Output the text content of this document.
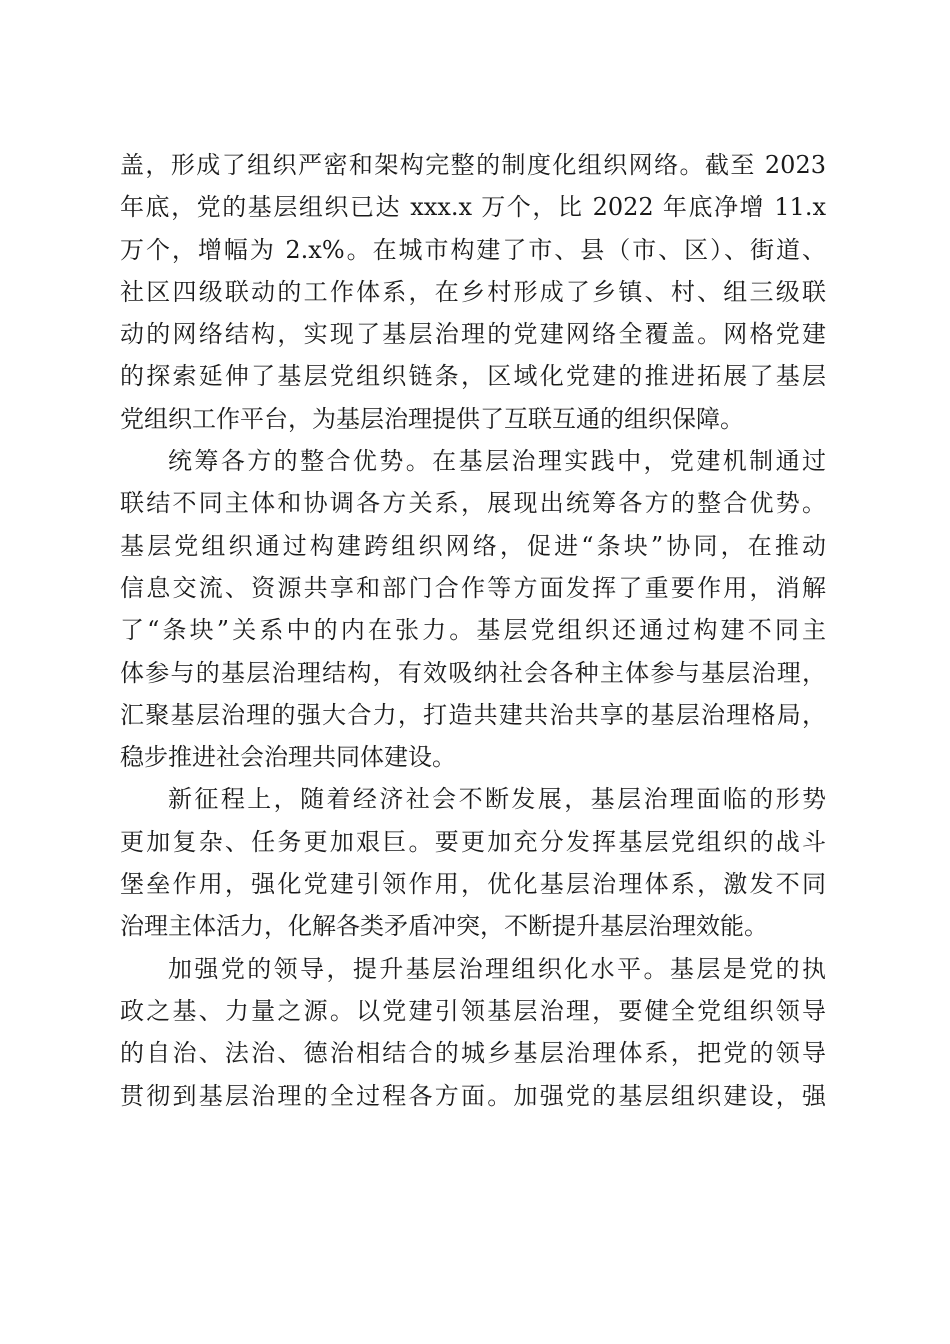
盖，形成了组织严密和架构完整的制度化组织网络。截至 2023
年底，党的基层组织已达 xxx.x 万个，比 2022 年底净增 11.x
万个，增幅为 2.x%。在城市构建了市、县（市、区）、街道、
社区四级联动的工作体系，在乡村形成了乡镇、村、组三级联
动的网络结构，实现了基层治理的党建网络全覆盖。网格党建
的探索延伸了基层党组织链条，区域化党建的推进拓展了基层
党组织工作平台，为基层治理提供了互联互通的组织保障。
统筹各方的整合优势。在基层治理实践中，党建机制通过
联结不同主体和协调各方关系，展现出统筹各方的整合优势。
基层党组织通过构建跨组织网络，促进“条块”协同，在推动
信息交流、资源共享和部门合作等方面发挥了重要作用，消解
了“条块”关系中的内在张力。基层党组织还通过构建不同主
体参与的基层治理结构，有效吸纳社会各种主体参与基层治理，
汇聚基层治理的强大合力，打造共建共治共享的基层治理格局，
稳步推进社会治理共同体建设。
新征程上，随着经济社会不断发展，基层治理面临的形势
更加复杂、任务更加艰巨。要更加充分发挥基层党组织的战斗
堡垒作用，强化党建引领作用，优化基层治理体系，激发不同
治理主体活力，化解各类矛盾冲突，不断提升基层治理效能。
加强党的领导，提升基层治理组织化水平。基层是党的执
政之基、力量之源。以党建引领基层治理，要健全党组织领导
的自治、法治、德治相结合的城乡基层治理体系，把党的领导
贯彻到基层治理的全过程各方面。加强党的基层组织建设，强
